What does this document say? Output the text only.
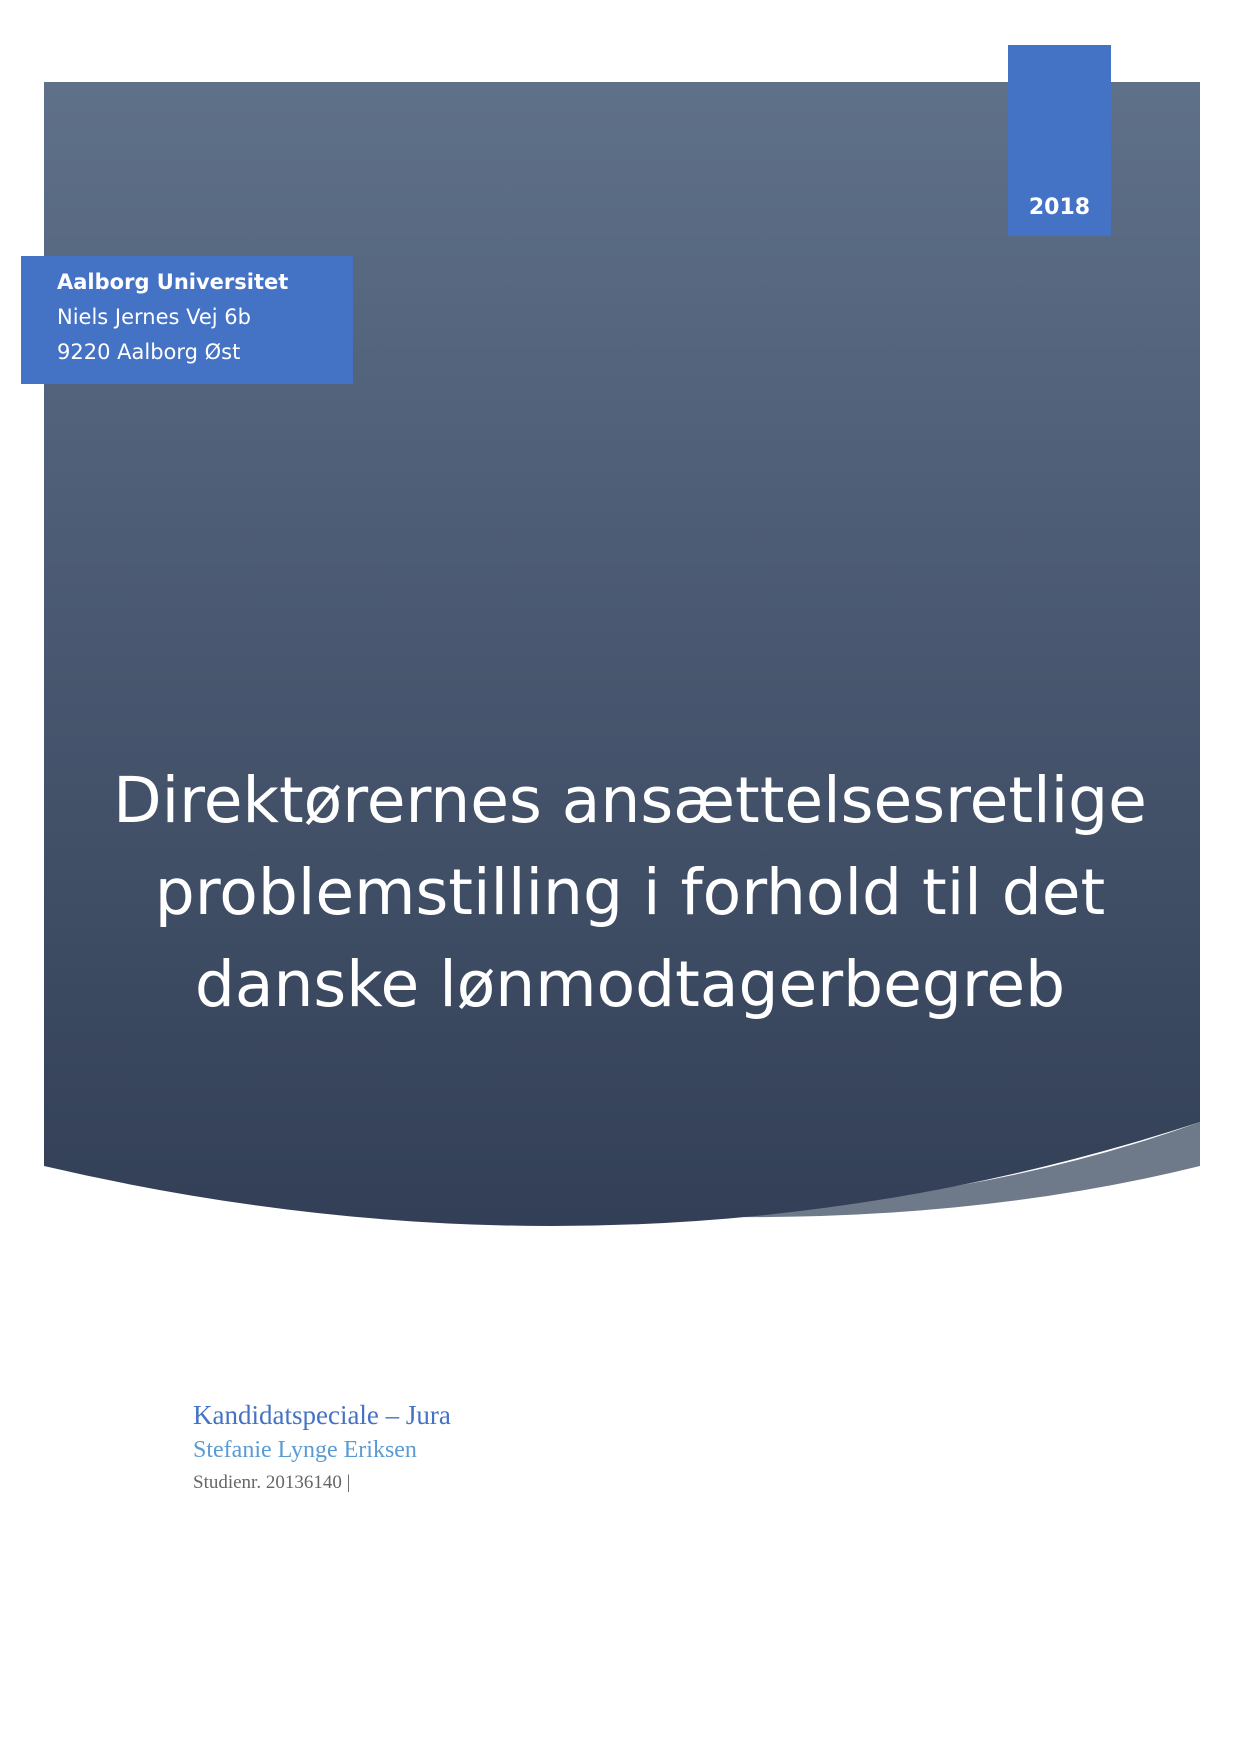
2018
Aalborg Universitet
Niels Jernes Vej 6b
9220 Aalborg Øst
Direktørernes ansættelsesretlige
problemstilling i forhold til det
danske lønmodtagerbegreb
Kandidatspeciale – Jura
Stefanie Lynge Eriksen
Studienr. 20136140 |
